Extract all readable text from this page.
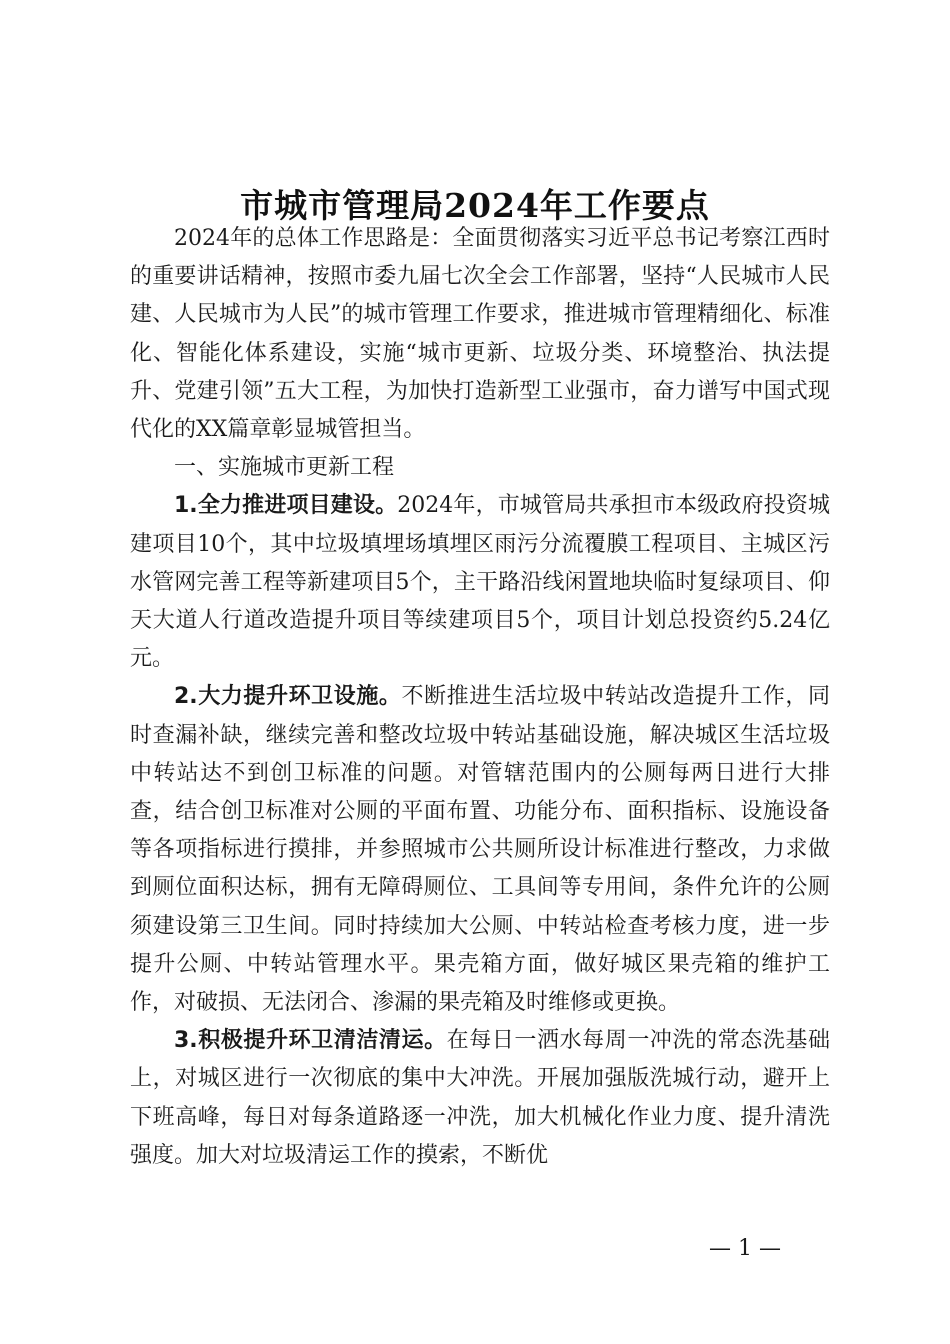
市城市管理局2024年工作要点

2024年的总体工作思路是：全面贯彻落实习近平总书记考察江西时的重要讲话精神，按照市委九届七次全会工作部署，坚持“人民城市人民建、人民城市为人民”的城市管理工作要求，推进城市管理精细化、标准化、智能化体系建设，实施“城市更新、垃圾分类、环境整治、执法提升、党建引领”五大工程，为加快打造新型工业强市，奋力谱写中国式现代化的XX篇章彰显城管担当。

一、实施城市更新工程

1.全力推进项目建设。2024年，市城管局共承担市本级政府投资城建项目10个，其中垃圾填埋场填埋区雨污分流覆膜工程项目、主城区污水管网完善工程等新建项目5个，主干路沿线闲置地块临时复绿项目、仰天大道人行道改造提升项目等续建项目5个，项目计划总投资约5.24亿元。

2.大力提升环卫设施。不断推进生活垃圾中转站改造提升工作，同时查漏补缺，继续完善和整改垃圾中转站基础设施，解决城区生活垃圾中转站达不到创卫标准的问题。对管辖范围内的公厕每两日进行大排查，结合创卫标准对公厕的平面布置、功能分布、面积指标、设施设备等各项指标进行摸排，并参照城市公共厕所设计标准进行整改，力求做到厕位面积达标，拥有无障碍厕位、工具间等专用间，条件允许的公厕须建设第三卫生间。同时持续加大公厕、中转站检查考核力度，进一步提升公厕、中转站管理水平。果壳箱方面，做好城区果壳箱的维护工作，对破损、无法闭合、渗漏的果壳箱及时维修或更换。

3.积极提升环卫清洁清运。在每日一洒水每周一冲洗的常态洗基础上，对城区进行一次彻底的集中大冲洗。开展加强版洗城行动，避开上下班高峰，每日对每条道路逐一冲洗，加大机械化作业力度、提升清洗强度。加大对垃圾清运工作的摸索，不断优

— 1 —
